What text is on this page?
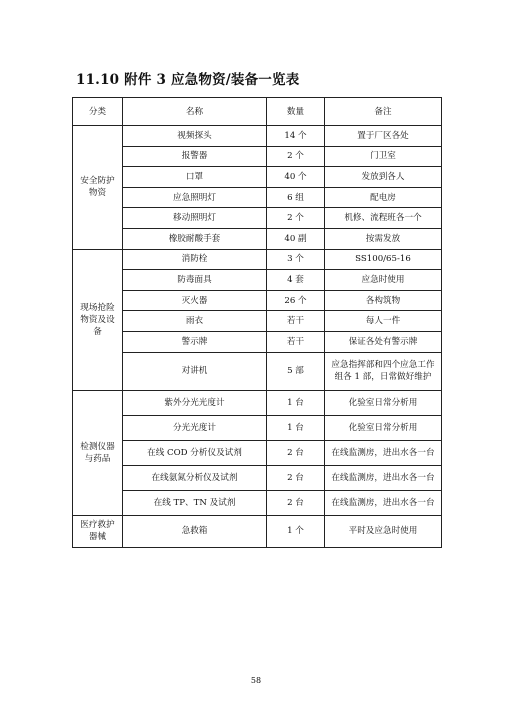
11.10 附件 3 应急物资/装备一览表
分类	名称	数量	备注
安全防护物资	视频探头	14 个	置于厂区各处
	报警器	2 个	门卫室
	口罩	40 个	发放到各人
	应急照明灯	6 组	配电房
	移动照明灯	2 个	机修、流程班各一个
	橡胶耐酸手套	40 副	按需发放
现场抢险物资及设备	消防栓	3 个	SS100/65-16
	防毒面具	4 套	应急时使用
	灭火器	26 个	各构筑物
	雨衣	若干	每人一件
	警示牌	若干	保证各处有警示牌
	对讲机	5 部	应急指挥部和四个应急工作组各 1 部，日常做好维护
检测仪器与药品	紫外分光光度计	1 台	化验室日常分析用
	分光光度计	1 台	化验室日常分析用
	在线 COD 分析仪及试剂	2 台	在线监测房，进出水各一台
	在线氨氮分析仪及试剂	2 台	在线监测房，进出水各一台
	在线 TP、TN 及试剂	2 台	在线监测房，进出水各一台
医疗救护器械	急救箱	1 个	平时及应急时使用
58
